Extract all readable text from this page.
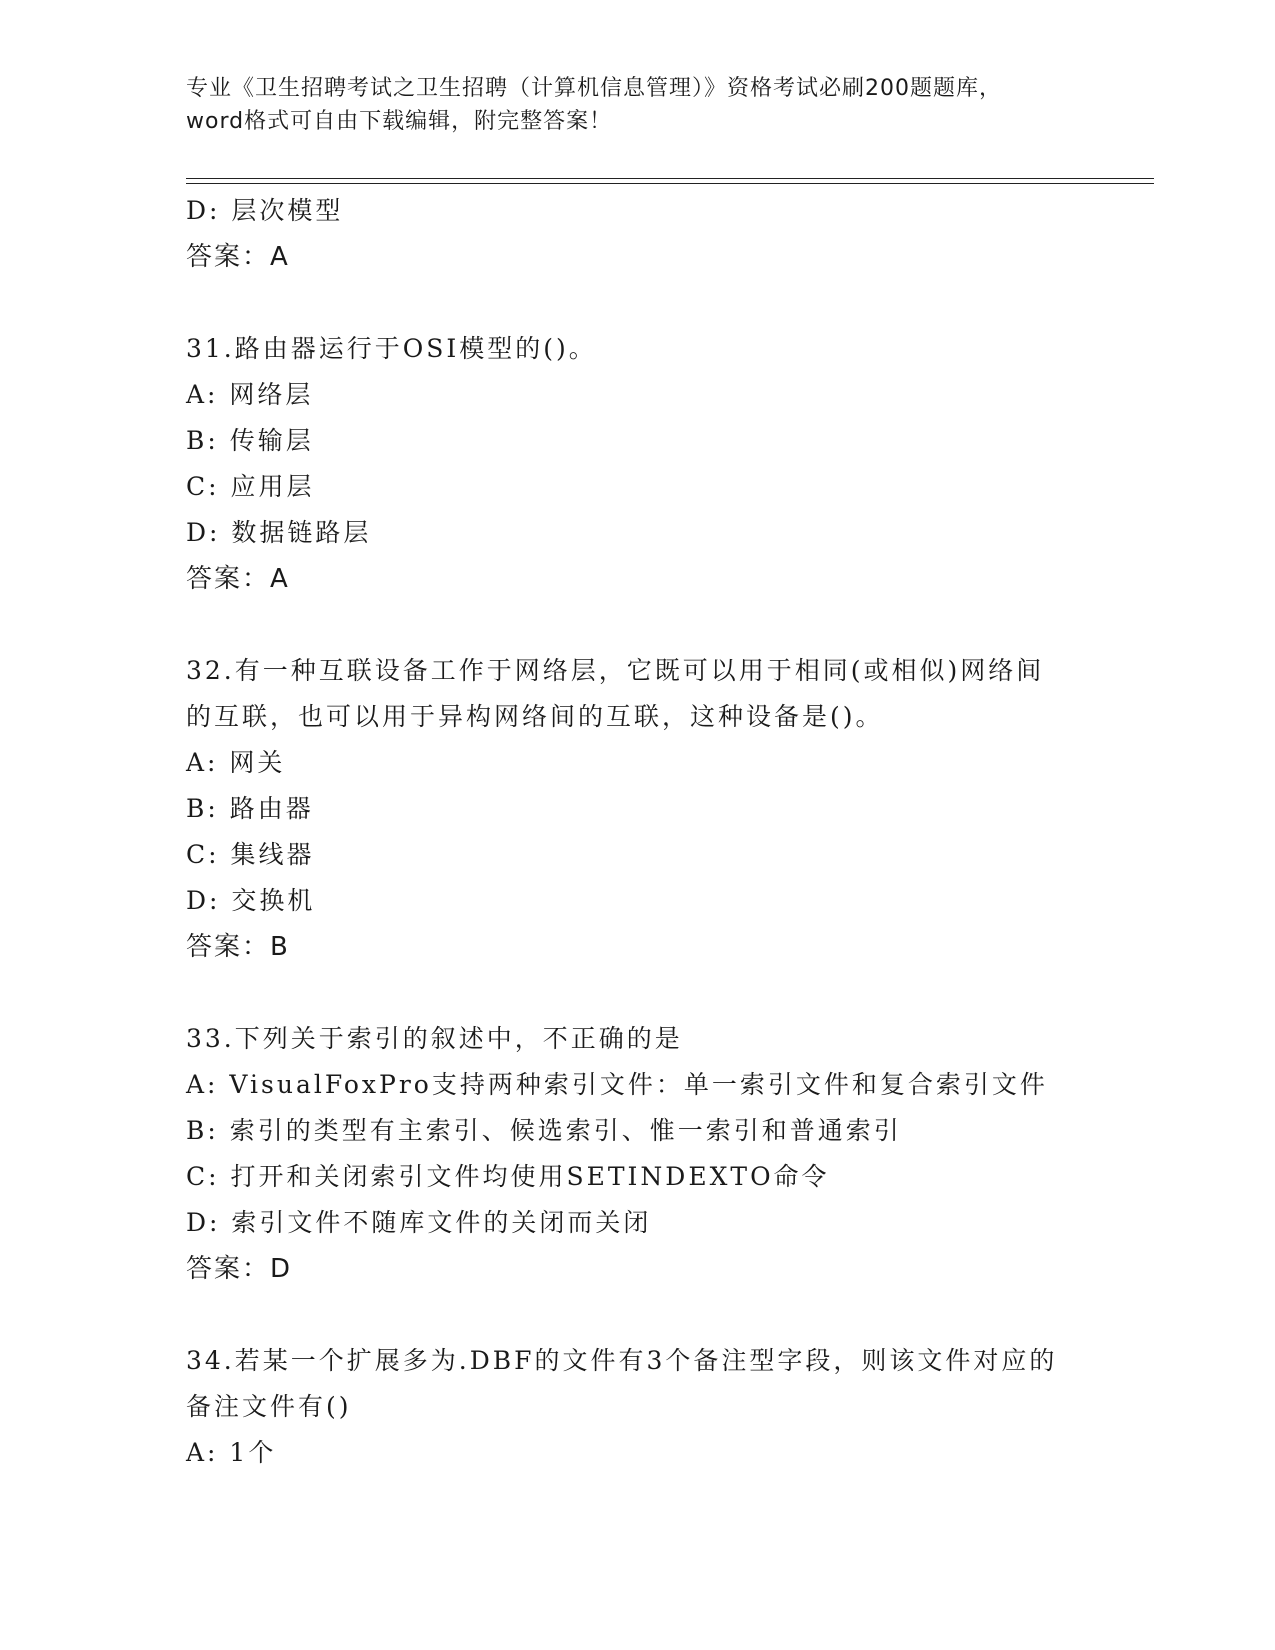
专业《卫生招聘考试之卫生招聘（计算机信息管理）》资格考试必刷200题题库，
word格式可自由下载编辑，附完整答案！
D: 层次模型
答案：A
31.路由器运行于OSI模型的()。
A: 网络层
B: 传输层
C: 应用层
D: 数据链路层
答案：A
32.有一种互联设备工作于网络层，它既可以用于相同(或相似)网络间
的互联，也可以用于异构网络间的互联，这种设备是()。
A: 网关
B: 路由器
C: 集线器
D: 交换机
答案：B
33.下列关于索引的叙述中，不正确的是
A: VisualFoxPro支持两种索引文件：单一索引文件和复合索引文件
B: 索引的类型有主索引、候选索引、惟一索引和普通索引
C: 打开和关闭索引文件均使用SETINDEXTO命令
D: 索引文件不随库文件的关闭而关闭
答案：D
34.若某一个扩展多为.DBF的文件有3个备注型字段，则该文件对应的
备注文件有()
A: 1个
